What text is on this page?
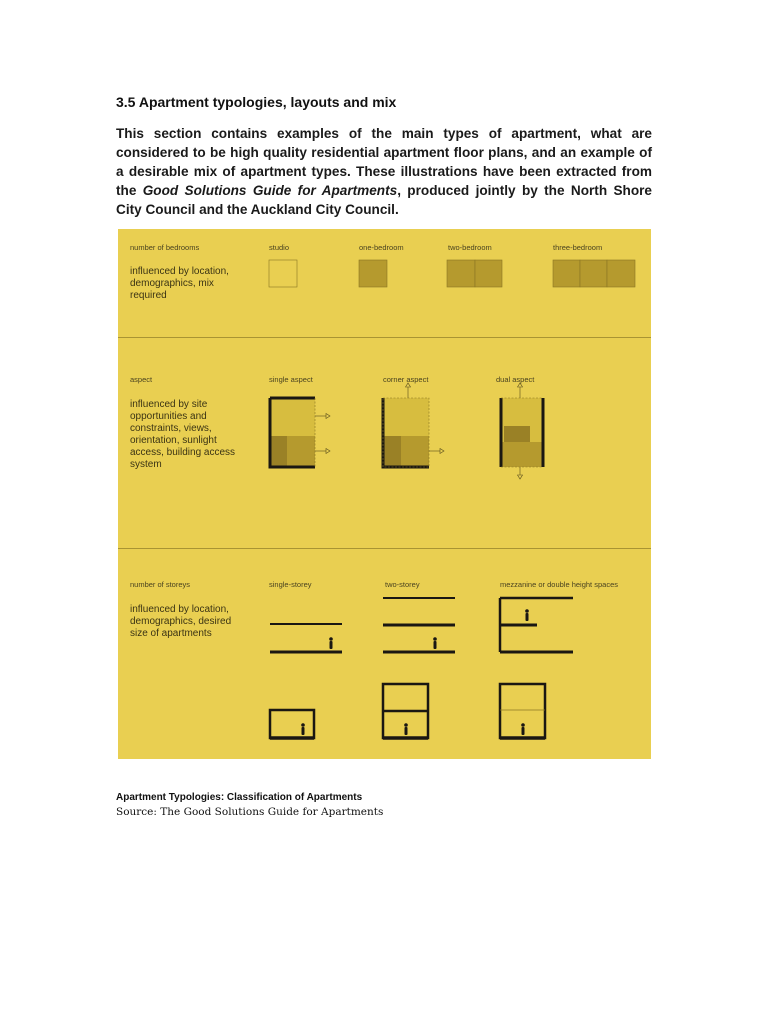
3.5 Apartment typologies, layouts and mix

This section contains examples of the main types of apartment, what are considered to be high quality residential apartment floor plans, and an example of a desirable mix of apartment types. These illustrations have been extracted from the Good Solutions Guide for Apartments, produced jointly by the North Shore City Council and the Auckland City Council.

number of bedrooms
influenced by location, demographics, mix required
studio	one-bedroom	two-bedroom	three-bedroom
aspect
influenced by site opportunities and constraints, views, orientation, sunlight access, building access system
single aspect	corner aspect	dual aspect
number of storeys
influenced by location, demographics, desired size of apartments
single-storey	two-storey	mezzanine or double height spaces

Apartment Typologies: Classification of Apartments

Source: The Good Solutions Guide for Apartments
